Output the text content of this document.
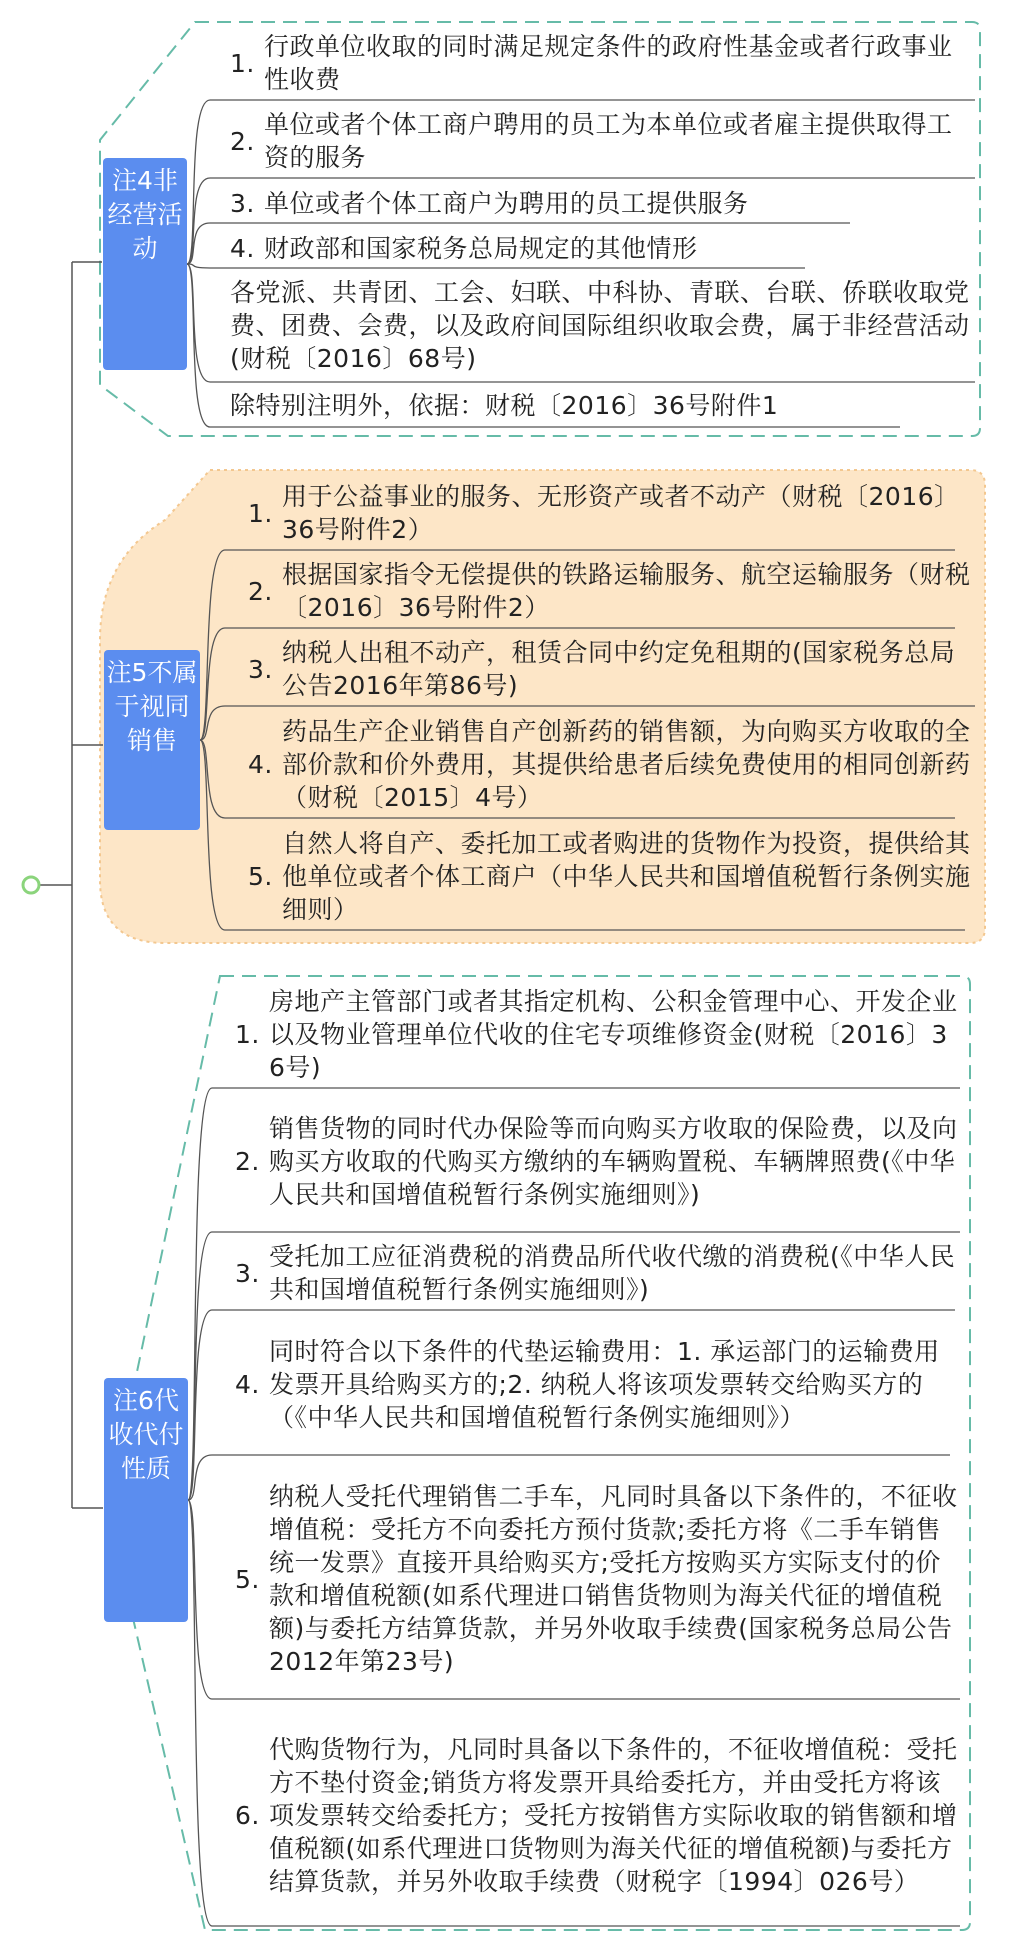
注4非经营活动
1.
行政单位收取的同时满足规定条件的政府性基金或者行政事业性收费
2.
单位或者个体工商户聘用的员工为本单位或者雇主提供取得工资的服务
3. 单位或者个体工商户为聘用的员工提供服务
4. 财政部和国家税务总局规定的其他情形
各党派、共青团、工会、妇联、中科协、青联、台联、侨联收取党费、团费、会费，以及政府间国际组织收取会费，属于非经营活动(财税〔2016〕68号)
除特别注明外，依据：财税〔2016〕36号附件1
注5不属于视同销售
1.
用于公益事业的服务、无形资产或者不动产（财税〔2016〕36号附件2）
2.
根据国家指令无偿提供的铁路运输服务、航空运输服务（财税〔2016〕36号附件2）
3.
纳税人出租不动产，租赁合同中约定免租期的(国家税务总局公告2016年第86号)
4.
药品生产企业销售自产创新药的销售额，为向购买方收取的全部价款和价外费用，其提供给患者后续免费使用的相同创新药（财税〔2015〕4号）
5.
自然人将自产、委托加工或者购进的货物作为投资，提供给其他单位或者个体工商户（中华人民共和国增值税暂行条例实施细则）
注6代收代付性质
1.
房地产主管部门或者其指定机构、公积金管理中心、开发企业以及物业管理单位代收的住宅专项维修资金(财税〔2016〕36号)
2.
销售货物的同时代办保险等而向购买方收取的保险费，以及向购买方收取的代购买方缴纳的车辆购置税、车辆牌照费(《中华人民共和国增值税暂行条例实施细则》)
3.
受托加工应征消费税的消费品所代收代缴的消费税(《中华人民共和国增值税暂行条例实施细则》)
4.
同时符合以下条件的代垫运输费用：1. 承运部门的运输费用发票开具给购买方的;2. 纳税人将该项发票转交给购买方的（《中华人民共和国增值税暂行条例实施细则》）
5.
纳税人受托代理销售二手车，凡同时具备以下条件的，不征收增值税：受托方不向委托方预付货款;委托方将《二手车销售统一发票》直接开具给购买方;受托方按购买方实际支付的价款和增值税额(如系代理进口销售货物则为海关代征的增值税额)与委托方结算货款，并另外收取手续费(国家税务总局公告2012年第23号)
6.
代购货物行为，凡同时具备以下条件的，不征收增值税：受托方不垫付资金;销货方将发票开具给委托方，并由受托方将该项发票转交给委托方；受托方按销售方实际收取的销售额和增值税额(如系代理进口货物则为海关代征的增值税额)与委托方结算货款，并另外收取手续费（财税字〔1994〕026号）
